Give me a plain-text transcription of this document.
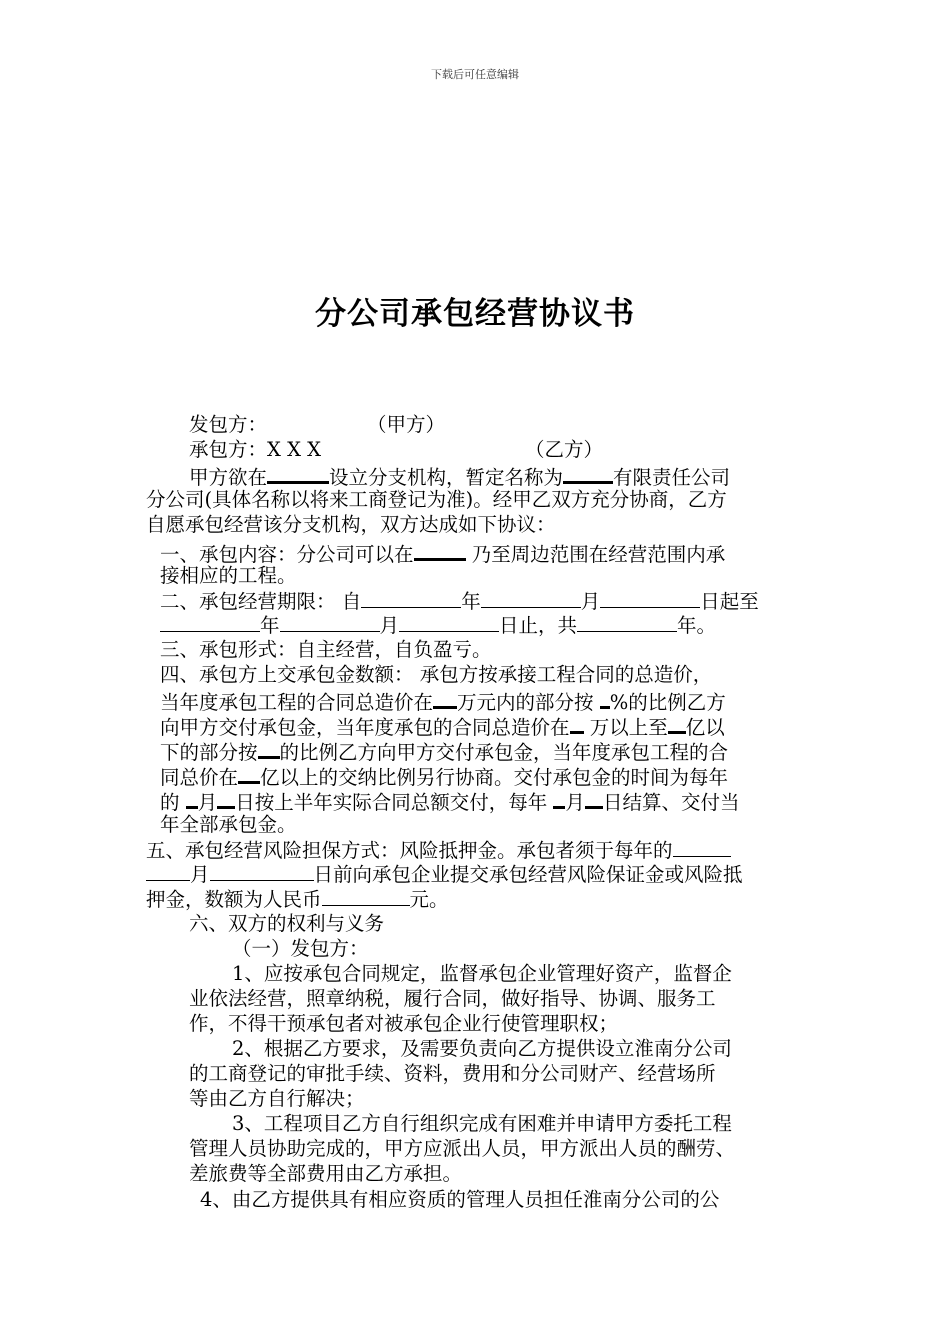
下载后可任意编辑
分公司承包经营协议书
发包方：	（甲方）
承包方：X X X	（乙方）
甲方欲在	设立分支机构，暂定名称为	有限责任公司
分公司(具体名称以将来工商登记为准)。经甲乙双方充分协商，乙方
自愿承包经营该分支机构，双方达成如下协议：
一、承包内容：分公司可以在	乃至周边范围在经营范围内承
接相应的工程。
二、承包经营期限： 自	年	月	日起至
年	月	日止，共	年。
三、承包形式：自主经营，自负盈亏。
四、承包方上交承包金数额： 承包方按承接工程合同的总造价，
当年度承包工程的合同总造价在 万元内的部分按 %的比例乙方
向甲方交付承包金，当年度承包的合同总造价在 万以上至 亿以
下的部分按 的比例乙方向甲方交付承包金，当年度承包工程的合
同总价在 亿以上的交纳比例另行协商。交付承包金的时间为每年
的 月 日按上半年实际合同总额交付，每年 月 日结算、交付当
年全部承包金。
五、承包经营风险担保方式：风险抵押金。承包者须于每年的
月	日前向承包企业提交承包经营风险保证金或风险抵
押金，数额为人民币	元。
六、双方的权利与义务
（一）发包方：
1、应按承包合同规定，监督承包企业管理好资产，监督企
业依法经营，照章纳税，履行合同，做好指导、协调、服务工
作，不得干预承包者对被承包企业行使管理职权；
2、根据乙方要求，及需要负责向乙方提供设立淮南分公司
的工商登记的审批手续、资料，费用和分公司财产、经营场所
等由乙方自行解决；
3、工程项目乙方自行组织完成有困难并申请甲方委托工程
管理人员协助完成的，甲方应派出人员，甲方派出人员的酬劳、
差旅费等全部费用由乙方承担。
4、由乙方提供具有相应资质的管理人员担任淮南分公司的公
